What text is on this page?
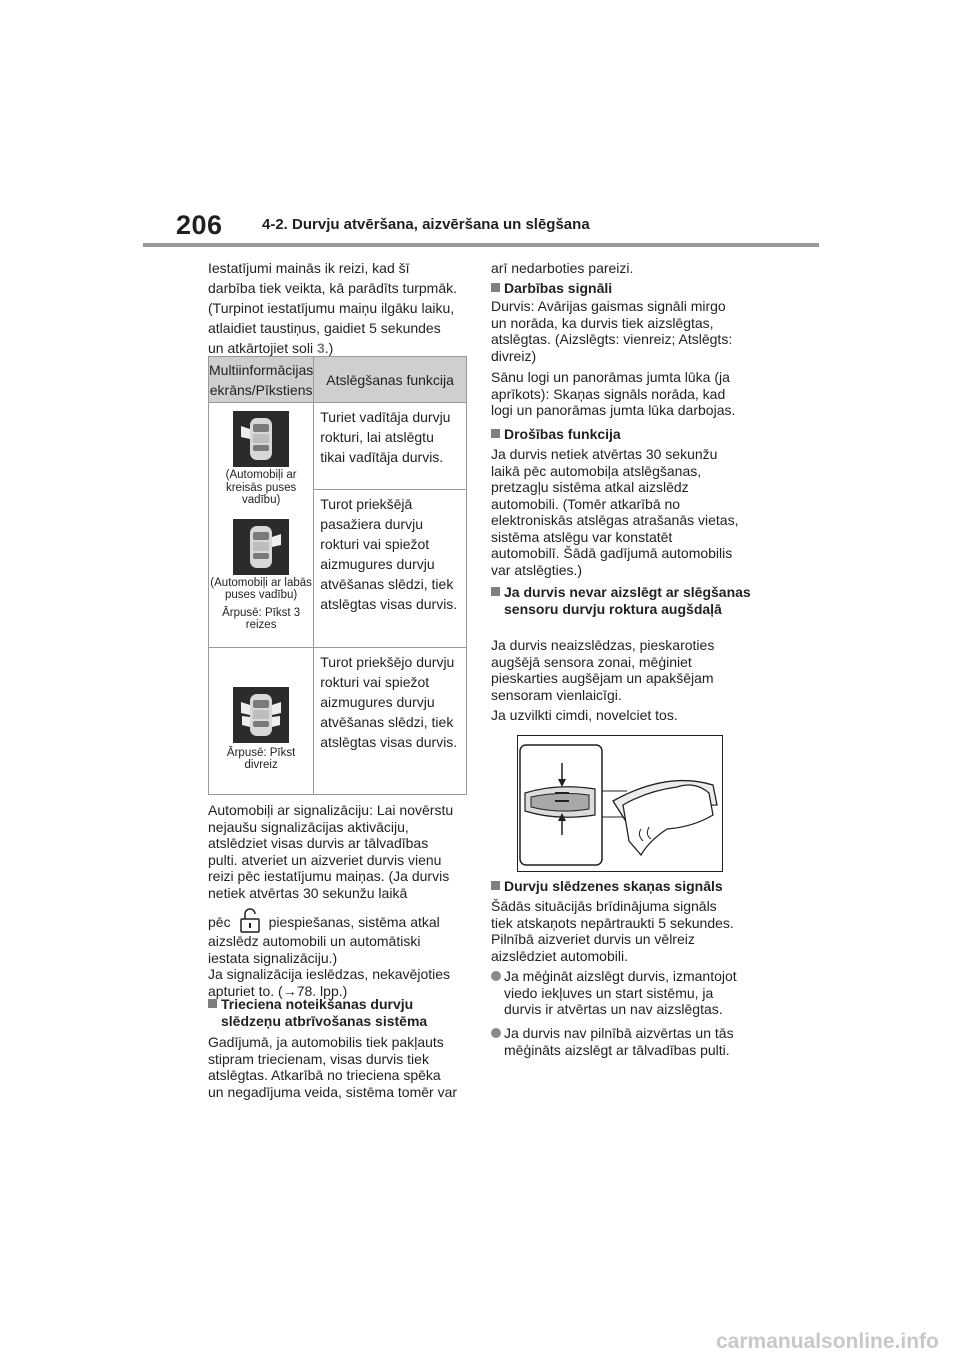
206	4-2. Durvju atvēršana, aizvēršana un slēgšana
Iestatījumi mainās ik reizi, kad šī
darbība tiek veikta, kā parādīts turpmāk.
(Turpinot iestatījumu maiņu ilgāku laiku,
atlaidiet taustiņus, gaidiet 5 sekundes
un atkārtojiet soli 3.)
Multiinformācijas ekrāns/Pīkstiens	Atslēgšanas funkcija

(Automobiļi ar kreisās puses vadību)
(Automobiļi ar labās puses vadību)
Ārpusē: Pīkst 3 reizes	Turiet vadītāja durvju rokturi, lai atslēgtu tikai vadītāja durvis.

	Turot priekšējā pasažiera durvju rokturi vai spiežot aizmugures durvju atvēšanas slēdzi, tiek atslēgtas visas durvis.

Ārpusē: Pīkst divreiz	Turot priekšējo durvju rokturi vai spiežot aizmugures durvju atvēšanas slēdzi, tiek atslēgtas visas durvis.
Automobiļi ar signalizāciju: Lai novērstu
nejaušu signalizācijas aktivāciju,
atslēdziet visas durvis ar tālvadības
pulti. atveriet un aizveriet durvis vienu
reizi pēc iestatījumu maiņas. (Ja durvis
netiek atvērtas 30 sekunžu laikā
pēc	piespiešanas, sistēma atkal
aizslēdz automobili un automātiski
iestata signalizāciju.)
Ja signalizācija ieslēdzas, nekavējoties
apturiet to. (→78. lpp.)
Trieciena noteikšanas durvju slēdzeņu atbrīvošanas sistēma
Gadījumā, ja automobilis tiek pakļauts
stipram triecienam, visas durvis tiek
atslēgtas. Atkarībā no trieciena spēka
un negadījuma veida, sistēma tomēr var
arī nedarboties pareizi.
Darbības signāli
Durvis: Avārijas gaismas signāli mirgo
un norāda, ka durvis tiek aizslēgtas,
atslēgtas. (Aizslēgts: vienreiz; Atslēgts:
divreiz)
Sānu logi un panorāmas jumta lūka (ja
aprīkots): Skaņas signāls norāda, kad
logi un panorāmas jumta lūka darbojas.
Drošības funkcija
Ja durvis netiek atvērtas 30 sekunžu
laikā pēc automobiļa atslēgšanas,
pretzagļu sistēma atkal aizslēdz
automobili. (Tomēr atkarībā no
elektroniskās atslēgas atrašanās vietas,
sistēma atslēgu var konstatēt
automobilī. Šādā gadījumā automobilis
var atslēgties.)
Ja durvis nevar aizslēgt ar slēgšanas sensoru durvju roktura augšdaļā
Ja durvis neaizslēdzas, pieskaroties
augšējā sensora zonai, mēģiniet
pieskarties augšējam un apakšējam
sensoram vienlaicīgi.
Ja uzvilkti cimdi, novelciet tos.
Durvju slēdzenes skaņas signāls
Šādās situācijās brīdinājuma signāls
tiek atskaņots nepārtraukti 5 sekundes.
Pilnībā aizveriet durvis un vēlreiz
aizslēdziet automobili.
Ja mēģināt aizslēgt durvis, izmantojot viedo iekļuves un start sistēmu, ja durvis ir atvērtas un nav aizslēgtas.
Ja durvis nav pilnībā aizvērtas un tās mēģināts aizslēgt ar tālvadības pulti.
carmanualsonline.info
